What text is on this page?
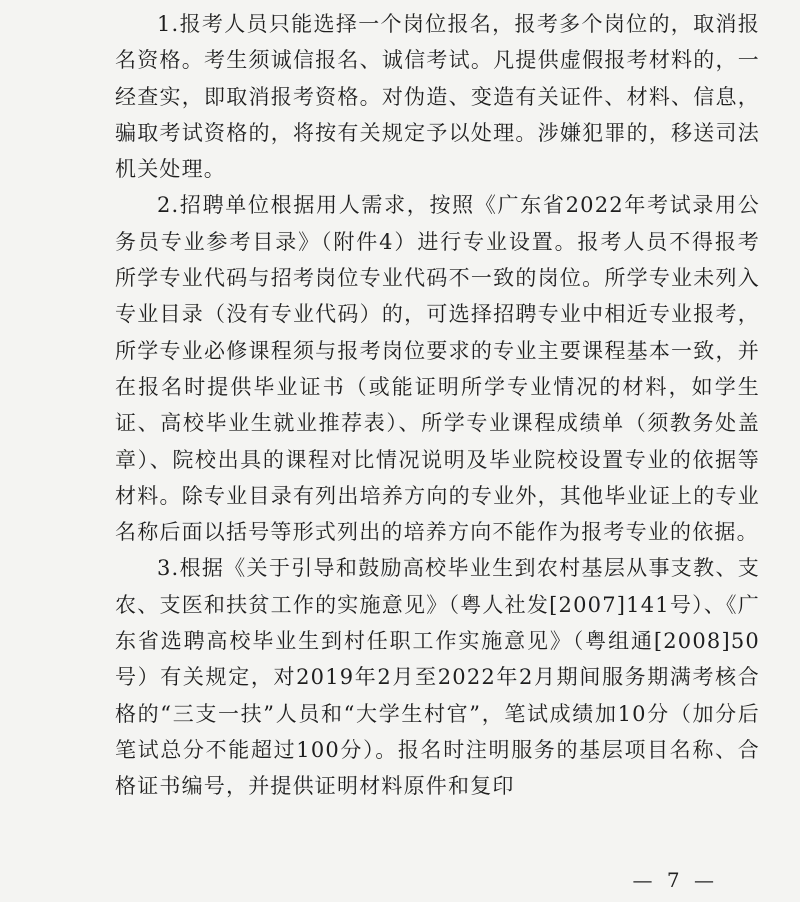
1.报考人员只能选择一个岗位报名，报考多个岗位的，取消报名资格。考生须诚信报名、诚信考试。凡提供虚假报考材料的，一经查实，即取消报考资格。对伪造、变造有关证件、材料、信息，骗取考试资格的，将按有关规定予以处理。涉嫌犯罪的，移送司法机关处理。

2.招聘单位根据用人需求，按照《广东省2022年考试录用公务员专业参考目录》（附件4）进行专业设置。报考人员不得报考所学专业代码与招考岗位专业代码不一致的岗位。所学专业未列入专业目录（没有专业代码）的，可选择招聘专业中相近专业报考，所学专业必修课程须与报考岗位要求的专业主要课程基本一致，并在报名时提供毕业证书（或能证明所学专业情况的材料，如学生证、高校毕业生就业推荐表）、所学专业课程成绩单（须教务处盖章）、院校出具的课程对比情况说明及毕业院校设置专业的依据等材料。除专业目录有列出培养方向的专业外，其他毕业证上的专业名称后面以括号等形式列出的培养方向不能作为报考专业的依据。

3.根据《关于引导和鼓励高校毕业生到农村基层从事支教、支农、支医和扶贫工作的实施意见》（粤人社发[2007]141号）、《广东省选聘高校毕业生到村任职工作实施意见》（粤组通[2008]50号）有关规定，对2019年2月至2022年2月期间服务期满考核合格的“三支一扶”人员和“大学生村官”，笔试成绩加10分（加分后笔试总分不能超过100分）。报名时注明服务的基层项目名称、合格证书编号，并提供证明材料原件和复印

— 7 —
